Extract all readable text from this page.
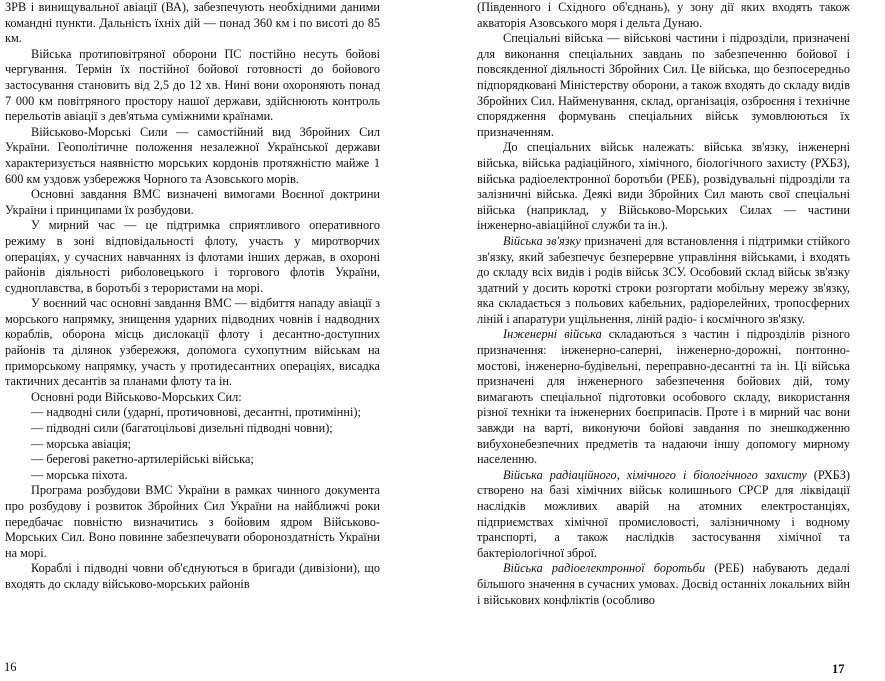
ЗРВ і винищувальної авіації (ВА), забезпечують необхідними даними командні пункти. Дальність їхніх дій — понад 360 км і по висоті до 85 км.

Війська протиповітряної оборони ПС постійно несуть бойові чергування. Термін їх постійної бойової готовності до бойового застосування становить від 2,5 до 12 хв. Нині вони охороняють понад 7 000 км повітряного простору нашої держави, здійснюють контроль перельотів авіації з дев'ятьма суміжними країнами.

Військово-Морські Сили — самостійний вид Збройних Сил України. Геополітичне положення незалежної Української держави характеризується наявністю морських кордонів протяжністю майже 1 600 км уздовж узбережжя Чорного та Азовського морів.

Основні завдання ВМС визначені вимогами Воєнної доктрини України і принципами їх розбудови.

У мирний час — це підтримка сприятливого оперативного режиму в зоні відповідальності флоту, участь у миротворчих операціях, у сучасних навчаннях із флотами інших держав, в охороні районів діяльності риболовецького і торгового флотів України, судноплавства, в боротьбі з терористами на морі.

У воєнний час основні завдання ВМС — відбиття нападу авіації з морського напрямку, знищення ударних підводних човнів і надводних кораблів, оборона місць дислокації флоту і десантно-доступних районів та ділянок узбережжя, допомога сухопутним військам на приморському напрямку, участь у протидесантних операціях, висадка тактичних десантів за планами флоту та ін.

Основні роди Військово-Морських Сил:

— надводні сили (ударні, протичовнові, десантні, протимінні);

— підводні сили (багатоцільові дизельні підводні човни);

— морська авіація;

— берегові ракетно-артилерійські війська;

— морська піхота.

Програма розбудови ВМС України в рамках чинного документа про розбудову і розвиток Збройних Сил України на найближчі роки передбачає повністю визначитись з бойовим ядром Військово-Морських Сил. Воно повинне забезпечувати обороноздатність України на морі.

Кораблі і підводні човни об'єднуються в бригади (дивізіони), що входять до складу військово-морських районів

16

(Південного і Східного об'єднань), у зону дії яких входять також акваторія Азовського моря і дельта Дунаю.

Спеціальні війська — військові частини і підрозділи, призначені для виконання спеціальних завдань по забезпеченню бойової і повсякденної діяльності Збройних Сил. Це війська, що безпосередньо підпорядковані Міністерству оборони, а також входять до складу видів Збройних Сил. Найменування, склад, організація, озброєння і технічне спорядження формувань спеціальних військ зумовлюються їх призначенням.

До спеціальних військ належать: війська зв'язку, інженерні війська, війська радіаційного, хімічного, біологічного захисту (РХБЗ), війська радіоелектронної боротьби (РЕБ), розвідувальні підрозділи та залізничні війська. Деякі види Збройних Сил мають свої спеціальні війська (наприклад, у Військово-Морських Силах — частини інженерно-авіаційної служби та ін.).

Війська зв'язку призначені для встановлення і підтримки стійкого зв'язку, який забезпечує безперервне управління військами, і входять до складу всіх видів і родів військ ЗСУ. Особовий склад військ зв'язку здатний у досить короткі строки розгортати мобільну мережу зв'язку, яка складається з польових кабельних, радіорелейних, тропосферних ліній і апаратури ущільнення, ліній радіо- і космічного зв'язку.

Інженерні війська складаються з частин і підрозділів різного призначення: інженерно-саперні, інженерно-дорожні, понтонно-мостові, інженерно-будівельні, переправно-десантні та ін. Ці війська призначені для інженерного забезпечення бойових дій, тому вимагають спеціальної підготовки особового складу, використання різної техніки та інженерних боєприпасів. Проте і в мирний час вони завжди на варті, виконуючи бойові завдання по знешкодженню вибухонебезпечних предметів та надаючи іншу допомогу мирному населенню.

Війська радіаційного, хімічного і біологічного захисту (РХБЗ) створено на базі хімічних військ колишнього СРСР для ліквідації наслідків можливих аварій на атомних електростанціях, підприємствах хімічної промисловості, залізничному і водному транспорті, а також наслідків застосування хімічної та бактеріологічної зброї.

Війська радіоелектронної боротьби (РЕБ) набувають дедалі більшого значення в сучасних умовах. Досвід останніх локальних війн і військових конфліктів (особливо

17
